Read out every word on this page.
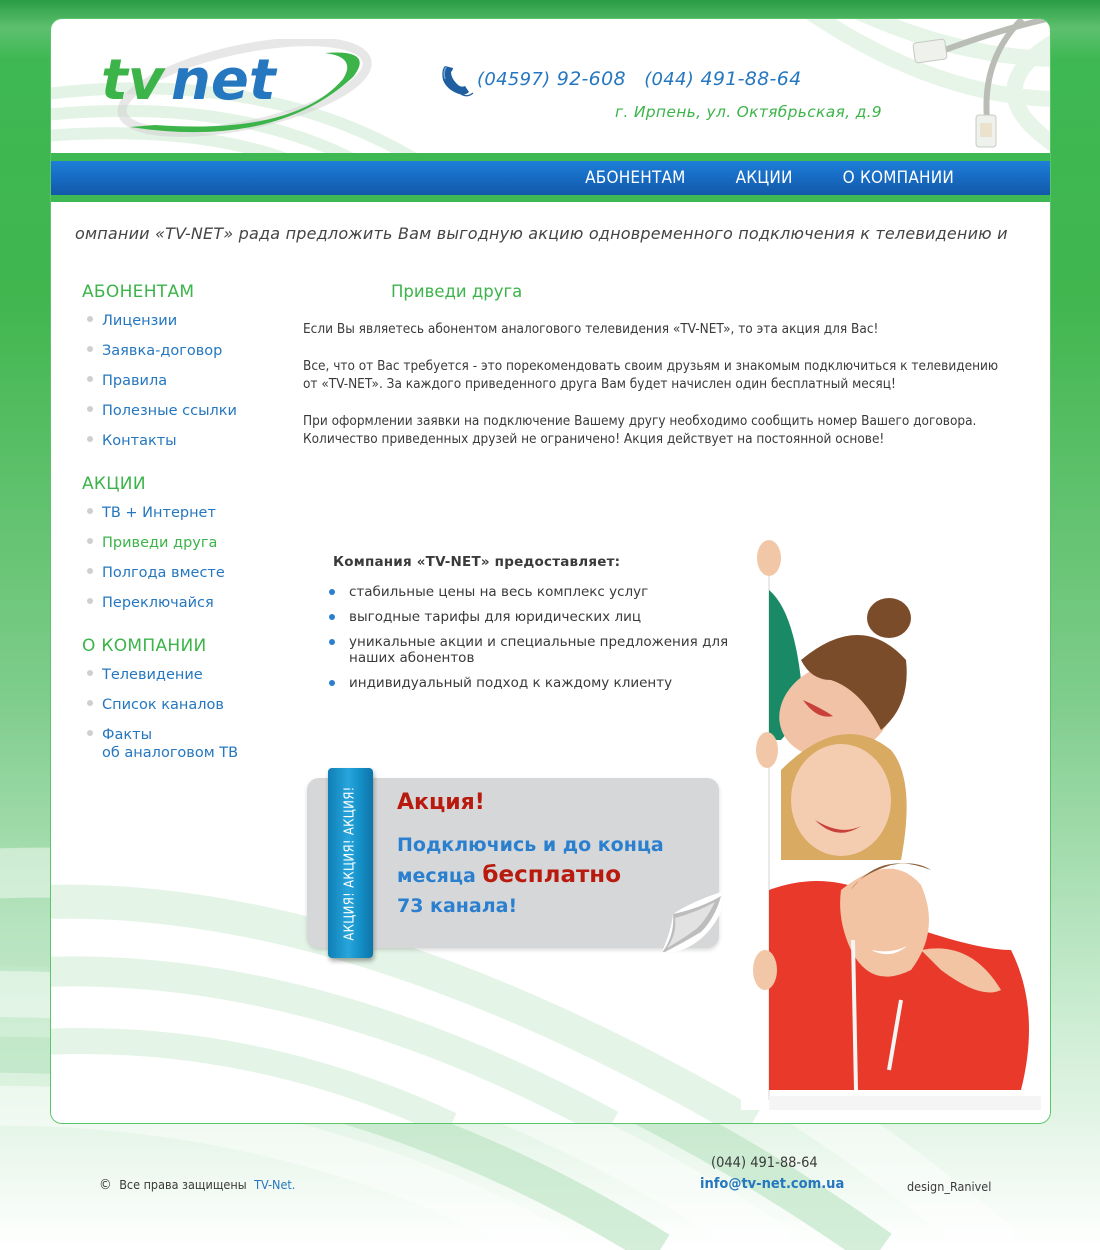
tv net	(04597) 92-608 (044) 491-88-64
г. Ирпень, ул. Октябрьская, д.9
АБОНЕНТАМ	АКЦИИ	О КОМПАНИИ
омпании «TV-NET» рада предложить Вам выгодную акцию одновременного подключения к телевидению и
АБОНЕНТАМ
Лицензии
Заявка-договор
Правила
Полезные ссылки
Контакты
АКЦИИ
ТВ + Интернет
Приведи друга
Полгода вместе
Переключайся
О КОМПАНИИ
Телевидение
Список каналов
Факты
об аналоговом ТВ
Приведи друга

Если Вы являетесь абонентом аналогового телевидения «TV-NET», то эта акция для Вас!

Все, что от Вас требуется - это порекомендовать своим друзьям и знакомым подключиться к телевидению от «TV-NET». За каждого приведенного друга Вам будет начислен один бесплатный месяц!

При оформлении заявки на подключение Вашему другу необходимо сообщить номер Вашего договора. Количество приведенных друзей не ограничено! Акция действует на постоянной основе!

Компания «TV-NET» предоставляет:
стабильные цены на весь комплекс услуг
выгодные тарифы для юридических лиц
уникальные акции и специальные предложения для наших абонентов
индивидуальный подход к каждому клиенту
АКЦИЯ! АКЦИЯ! АКЦИЯ! Акция!
Подключись и до конца
месяца бесплатно
73 канала!
© Все права защищены TV-Net.
(044) 491-88-64
info@tv-net.com.ua	design_Ranivel
